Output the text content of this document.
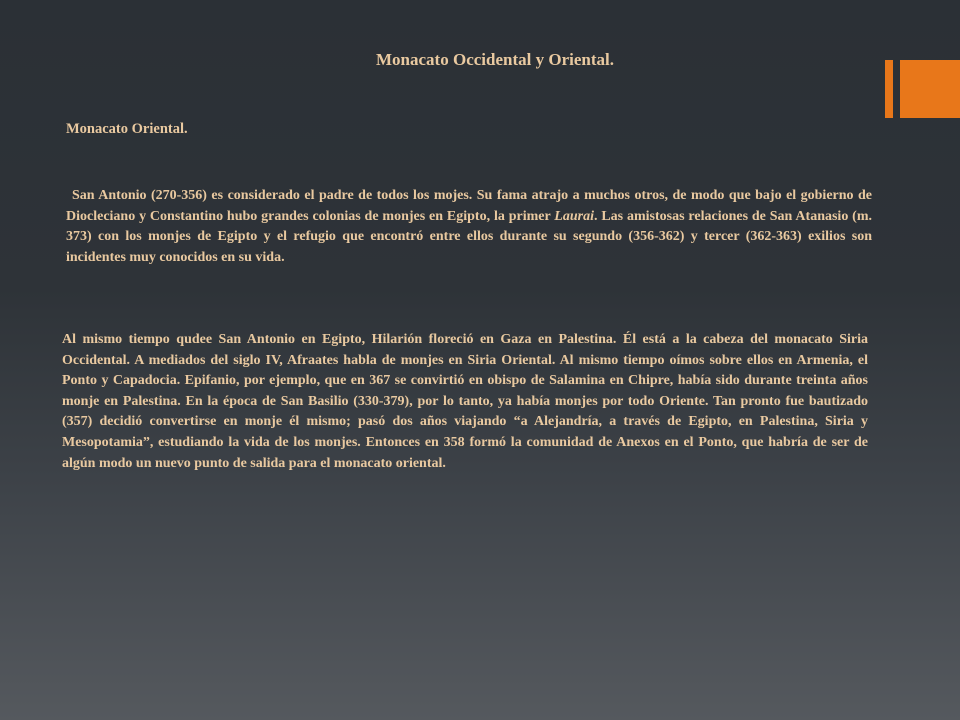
Monacato Occidental y Oriental.
Monacato Oriental.

San Antonio (270-356) es considerado el padre de todos los mojes. Su fama atrajo a muchos otros, de modo que bajo el gobierno de Diocleciano y Constantino hubo grandes colonias de monjes en Egipto, la primer Laurai. Las amistosas relaciones de San Atanasio (m. 373) con los monjes de Egipto y el refugio que encontró entre ellos durante su segundo (356-362) y tercer (362-363) exilios son incidentes muy conocidos en su vida.

Al mismo tiempo qudee San Antonio en Egipto, Hilarión floreció en Gaza en Palestina. Él está a la cabeza del monacato Siria Occidental. A mediados del siglo IV, Afraates habla de monjes en Siria Oriental. Al mismo tiempo oímos sobre ellos en Armenia, el Ponto y Capadocia. Epifanio, por ejemplo, que en 367 se convirtió en obispo de Salamina en Chipre, había sido durante treinta años monje en Palestina. En la época de San Basilio (330-379), por lo tanto, ya había monjes por todo Oriente. Tan pronto fue bautizado (357) decidió convertirse en monje él mismo; pasó dos años viajando “a Alejandría, a través de Egipto, en Palestina, Siria y Mesopotamia”, estudiando la vida de los monjes. Entonces en 358 formó la comunidad de Anexos en el Ponto, que habría de ser de algún modo un nuevo punto de salida para el monacato oriental.
